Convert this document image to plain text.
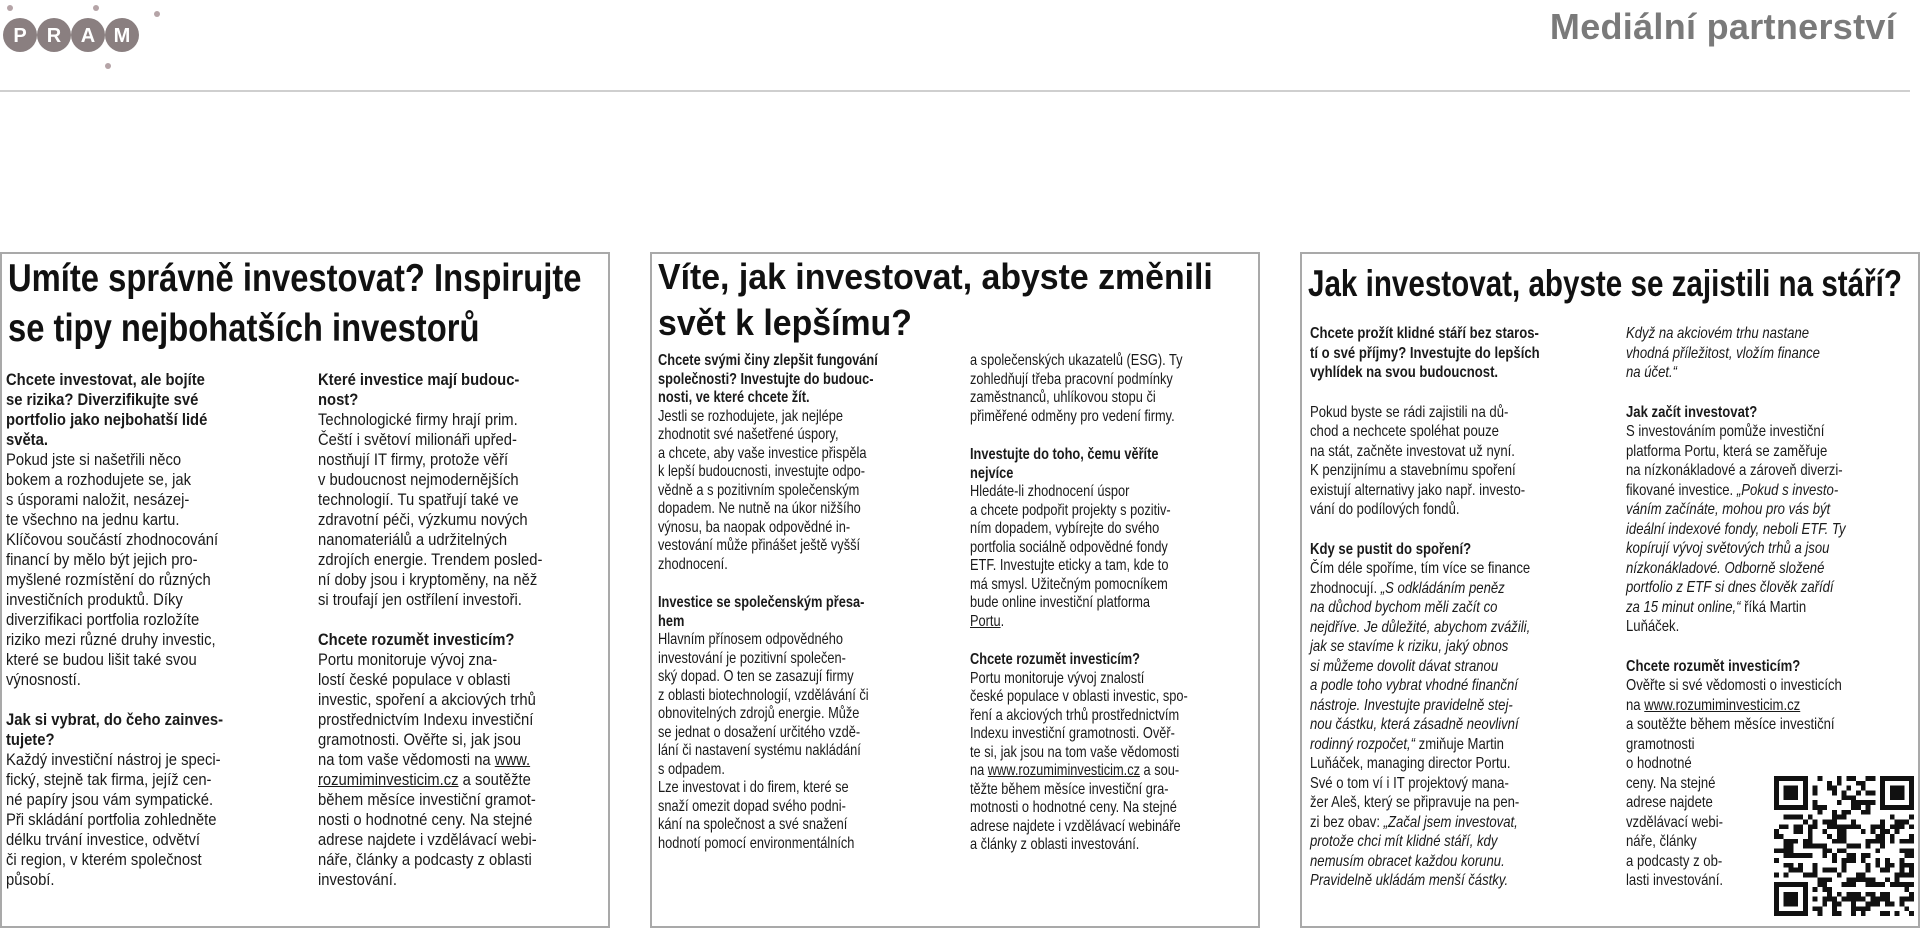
P R A M	Mediální partnerství
Umíte správně investovat? Inspirujte se tipy nejbohatších investorů

Chcete investovat, ale bojíte
se rizika? Diverzifikujte své
portfolio jako nejbohatší lidé
světa.

Pokud jste si našetřili něco
bokem a rozhodujete se, jak
s úsporami naložit, nesázej-
te všechno na jednu kartu.
Klíčovou součástí zhodnocování
financí by mělo být jejich pro-
myšlené rozmístění do různých
investičních produktů. Díky
diverzifikaci portfolia rozložíte
riziko mezi různé druhy investic,
které se budou lišit také svou
výnosností.

Jak si vybrat, do čeho zainves-
tujete?

Každý investiční nástroj je speci-
fický, stejně tak firma, jejíž cen-
né papíry jsou vám sympatické.
Při skládání portfolia zohledněte
délku trvání investice, odvětví
či region, v kterém společnost
působí.

Které investice mají budouc-
nost?

Technologické firmy hrají prim.
Čeští i světoví milionáři upřed-
nostňují IT firmy, protože věří
v budoucnost nejmodernějších
technologií. Tu spatřují také ve
zdravotní péči, výzkumu nových
nanomateriálů a udržitelných
zdrojích energie. Trendem posled-
ní doby jsou i kryptoměny, na něž
si troufají jen ostřílení investoři.

Chcete rozumět investicím?

Portu monitoruje vývoj zna-
lostí české populace v oblasti
investic, spoření a akciových trhů
prostřednictvím Indexu investiční
gramotnosti. Ověřte si, jak jsou
na tom vaše vědomosti na www.
rozumiminvesticim.cz a soutěžte
během měsíce investiční gramot-
nosti o hodnotné ceny. Na stejné
adrese najdete i vzdělávací webi-
náře, články a podcasty z oblasti
investování.

Víte, jak investovat, abyste změnili svět k lepšímu?

Chcete svými činy zlepšit fungování
společnosti? Investujte do budouc-
nosti, ve které chcete žít.

Jestli se rozhodujete, jak nejlépe
zhodnotit své našetřené úspory,
a chcete, aby vaše investice přispěla
k lepší budoucnosti, investujte odpo-
vědně a s pozitivním společenským
dopadem. Ne nutně na úkor nižšího
výnosu, ba naopak odpovědné in-
vestování může přinášet ještě vyšší
zhodnocení.

Investice se společenským přesa-
hem

Hlavním přínosem odpovědného
investování je pozitivní společen-
ský dopad. O ten se zasazují firmy
z oblasti biotechnologií, vzdělávání či
obnovitelných zdrojů energie. Může
se jednat o dosažení určitého vzdě-
lání či nastavení systému nakládání
s odpadem.

Lze investovat i do firem, které se
snaží omezit dopad svého podni-
kání na společnost a své snažení
hodnotí pomocí environmentálních

a společenských ukazatelů (ESG). Ty
zohledňují třeba pracovní podmínky
zaměstnanců, uhlíkovou stopu či
přiměřené odměny pro vedení firmy.

Investujte do toho, čemu věříte
nejvíce

Hledáte-li zhodnocení úspor
a chcete podpořit projekty s pozitiv-
ním dopadem, vybírejte do svého
portfolia sociálně odpovědné fondy
ETF. Investujte eticky a tam, kde to
má smysl. Užitečným pomocníkem
bude online investiční platforma
Portu.

Chcete rozumět investicím?

Portu monitoruje vývoj znalostí
české populace v oblasti investic, spo-
ření a akciových trhů prostřednictvím
Indexu investiční gramotnosti. Ověř-
te si, jak jsou na tom vaše vědomosti
na www.rozumiminvesticim.cz a sou-
těžte během měsíce investiční gra-
motnosti o hodnotné ceny. Na stejné
adrese najdete i vzdělávací webináře
a články z oblasti investování.

Jak investovat, abyste se zajistili na stáří?

Chcete prožít klidné stáří bez staros-
tí o své příjmy? Investujte do lepších
vyhlídek na svou budoucnost.

Pokud byste se rádi zajistili na dů-
chod a nechcete spoléhat pouze
na stát, začněte investovat už nyní.
K penzijnímu a stavebnímu spoření
existují alternativy jako např. investo-
vání do podílových fondů.

Kdy se pustit do spoření?

Čím déle spoříme, tím více se finance
zhodnocují. „S odkládáním peněz
na důchod bychom měli začít co
nejdříve. Je důležité, abychom zvážili,
jak se stavíme k riziku, jaký obnos
si můžeme dovolit dávat stranou
a podle toho vybrat vhodné finanční
nástroje. Investujte pravidelně stej-
nou částku, která zásadně neovlivní
rodinný rozpočet,“ zmiňuje Martin
Luňáček, managing director Portu.

Své o tom ví i IT projektový mana-
žer Aleš, který se připravuje na pen-
zi bez obav: „Začal jsem investovat,
protože chci mít klidné stáří, kdy
nemusím obracet každou korunu.
Pravidelně ukládám menší částky.

Když na akciovém trhu nastane
vhodná příležitost, vložím finance
na účet.“

Jak začít investovat?

S investováním pomůže investiční
platforma Portu, která se zaměřuje
na nízkonákladové a zároveň diverzi-
fikované investice. „Pokud s investo-
váním začínáte, mohou pro vás být
ideální indexové fondy, neboli ETF. Ty
kopírují vývoj světových trhů a jsou
nízkonákladové. Odborně složené
portfolio z ETF si dnes člověk zařídí
za 15 minut online,“ říká Martin
Luňáček.

Chcete rozumět investicím?

Ověřte si své vědomosti o investicích
na www.rozumiminvesticim.cz
a soutěžte během měsíce investiční
gramotnosti
o hodnotné
ceny. Na stejné
adrese najdete
vzdělávací webi-
náře, články
a podcasty z ob-
lasti investování.
